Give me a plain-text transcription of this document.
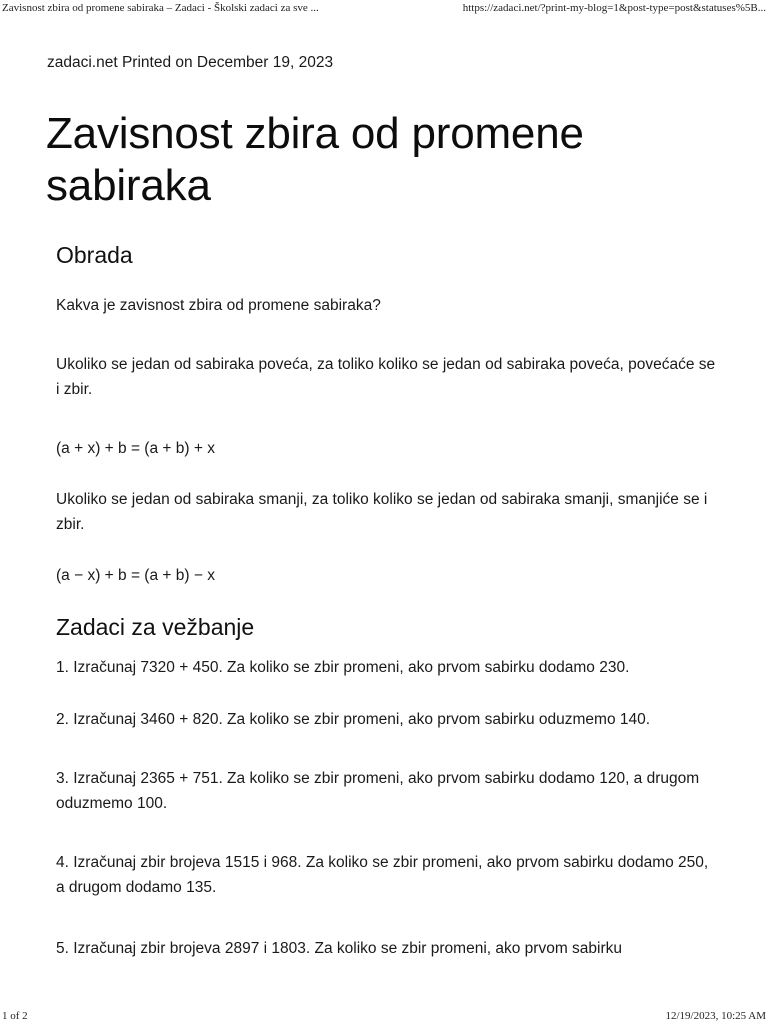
Zavisnost zbira od promene sabiraka – Zadaci - Školski zadaci za sve ...	https://zadaci.net/?print-my-blog=1&post-type=post&statuses%5B...
zadaci.net Printed on December 19, 2023
Zavisnost zbira od promene sabiraka
Obrada

Kakva je zavisnost zbira od promene sabiraka?

Ukoliko se jedan od sabiraka poveća, za toliko koliko se jedan od sabiraka poveća, povećaće se i zbir.

(a + x) + b = (a + b) + x

Ukoliko se jedan od sabiraka smanji, za toliko koliko se jedan od sabiraka smanji, smanjiće se i zbir.

(a − x) + b = (a + b) − x

Zadaci za vežbanje

1. Izračunaj 7320 + 450. Za koliko se zbir promeni, ako prvom sabirku dodamo 230.

2. Izračunaj 3460 + 820. Za koliko se zbir promeni, ako prvom sabirku oduzmemo 140.

3. Izračunaj 2365 + 751. Za koliko se zbir promeni, ako prvom sabirku dodamo 120, a drugom oduzmemo 100.

4. Izračunaj zbir brojeva 1515 i 968. Za koliko se zbir promeni, ako prvom sabirku dodamo 250, a drugom dodamo 135.

5. Izračunaj zbir brojeva 2897 i 1803. Za koliko se zbir promeni, ako prvom sabirku

1 of 2	12/19/2023, 10:25 AM
